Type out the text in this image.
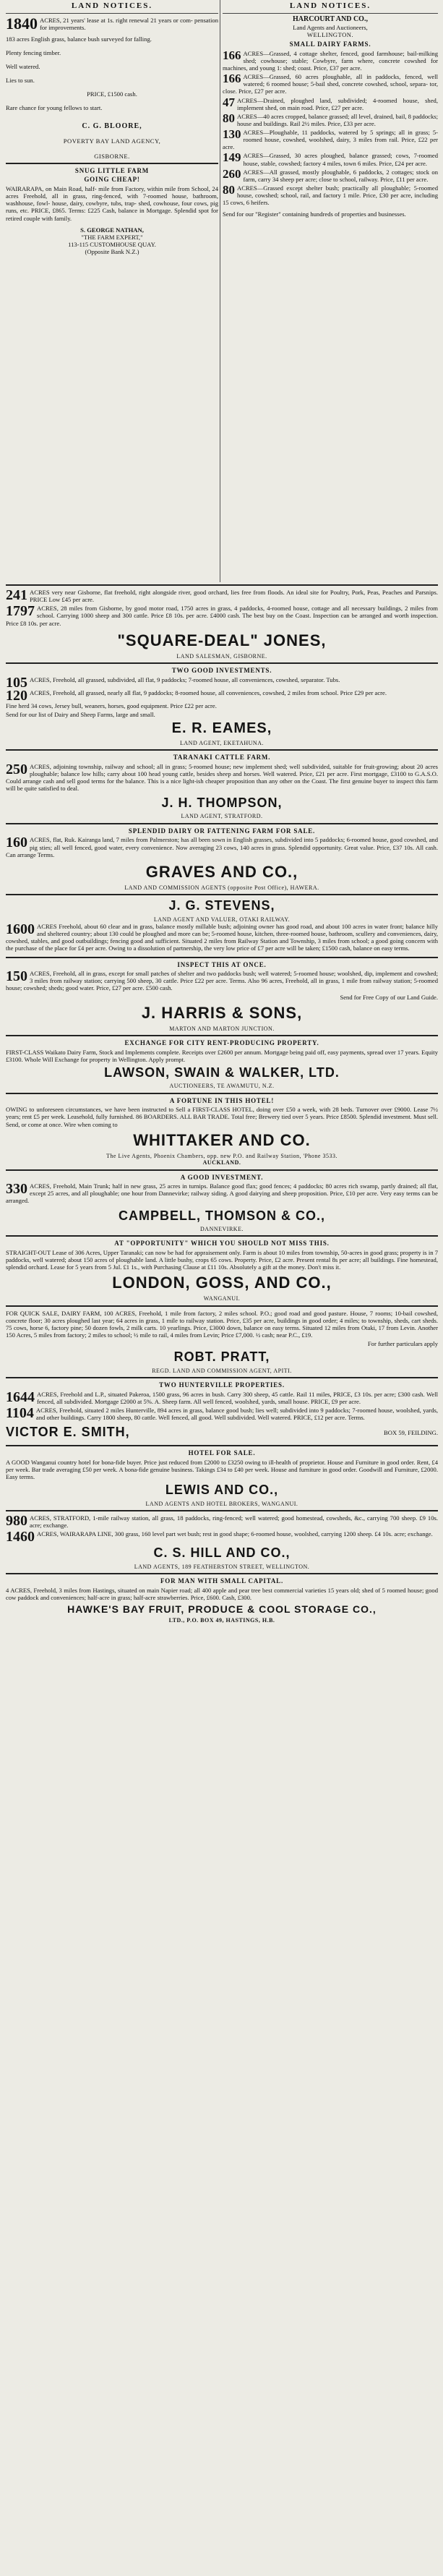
LAND NOTICES.

1840 ACRES, 21 years' lease at 1s. right renewal 21 years or com- pensation for improvements.

183 acres English grass, balance bush surveyed for falling.
Plenty fencing timber.
Well watered.
Lies to sun.
PRICE, £1500 cash.
Rare chance for young fellows to start.
C. G. BLOORE,
POVERTY BAY LAND AGENCY,
GISBORNE.
SNUG LITTLE FARM
GOING CHEAP!

WAIRARAPA, on Main Road, half- mile from Factory, within mile from School, 24 acres Freehold, all in grass, ring-fenced, with 7-roomed house, bathroom, washhouse, fowl- house, dairy, cowbyre, tubs, trap- shed, cowhouse, four cows, pig runs, etc. PRICE, £865. Terms: £225 Cash, balance in Mortgage. Splendid spot for retired couple with family.

S. GEORGE NATHAN,
"THE FARM EXPERT,"
113-115 CUSTOMHOUSE QUAY.
(Opposite Bank N.Z.)
LAND NOTICES.
HARCOURT AND CO.,
Land Agents and Auctioneers,
WELLINGTON.
SMALL DAIRY FARMS.

166 ACRES—Grassed, 4 cottage shelter, fenced, good farmhouse; bail-milking shed; cowhouse; stable; Cowbyre, farm where, concrete cowshed for machines, and young 1: shed; coast. Price, £37 per acre.

166 ACRES—Grassed, 60 acres ploughable, all in paddocks, fenced, well watered; 6 roomed house; 5-bail shed, concrete cowshed, school, separa- tor, close. Price, £27 per acre.

47 ACRES—Drained, ploughed land, subdivided; 4-roomed house, shed, implement shed, on main road. Price, £27 per acre.

80 ACRES—40 acres cropped, balance grassed; all level, drained, bail, 8 paddocks; house and buildings. Rail 2½ miles. Price, £33 per acre.

130 ACRES—Ploughable, 11 paddocks, watered by 5 springs; all in grass; 5-roomed house, cowshed, woolshed, dairy, 3 miles from rail. Price, £22 per acre.

149 ACRES—Grassed, 30 acres ploughed, balance grassed; cows, 7-roomed house, stable, cowshed; factory 4 miles, town 6 miles. Price, £24 per acre.

260 ACRES—All grassed, mostly ploughable, 6 paddocks, 2 cottages; stock on farm, carry 34 sheep per acre; close to school, railway. Price, £11 per acre.

80 ACRES—Grassed except shelter bush; practically all ploughable; 5-roomed house, cowshed; school, rail, and factory 1 mile. Price, £30 per acre, including 15 cows, 6 heifers.

Send for our "Register" containing hundreds of properties and businesses.

241 ACRES very near Gisborne, flat freehold, right alongside river, good orchard, lies free from floods. An ideal site for Poultry, Pork, Peas, Peaches and Parsnips. PRICE Low £45 per acre.

1797 ACRES, 28 miles from Gisborne, by good motor road, 1750 acres in grass, 4 paddocks, 4-roomed house, cottage and all necessary buildings, 2 miles from school. Carrying 1000 sheep and 300 cattle. Price £8 10s. per acre. £4000 cash. The best buy on the Coast. Inspection can be arranged and worth inspection. Price £8 10s. per acre.

"SQUARE-DEAL" JONES,
LAND SALESMAN, GISBORNE.
TWO GOOD INVESTMENTS.

105 ACRES, Freehold, all grassed, subdivided, all flat, 9 paddocks; 7-roomed house, all conveniences, cowshed, separator. Tubs.

120 ACRES, Freehold, all grassed, nearly all flat, 9 paddocks; 8-roomed house, all conveniences, cowshed, 2 miles from school. Price £29 per acre.

Fine herd 34 cows, Jersey bull, weaners, horses, good equipment. Price £22 per acre.

Send for our list of Dairy and Sheep Farms, large and small.

E. R. EAMES,
LAND AGENT, EKETAHUNA.
TARANAKI CATTLE FARM.

250 ACRES, adjoining township, railway and school; all in grass; 5-roomed house; new implement shed; well subdivided, suitable for fruit-growing; about 20 acres ploughable; balance low hills; carry about 100 head young cattle, besides sheep and horses. Well watered. Price, £21 per acre. First mortgage, £3100 to G.A.S.O. Could arrange cash and sell good terms for the balance. This is a nice light-ish cheaper proposition than any other on the Coast. The first genuine buyer to inspect this farm will be quite satisfied to deal.

J. H. THOMPSON,
LAND AGENT, STRATFORD.
SPLENDID DAIRY OR FATTENING FARM FOR SALE.

160 ACRES, flat, Ruk. Kairanga land, 7 miles from Palmerston; has all been sown in English grasses, subdivided into 5 paddocks; 6-roomed house, good cowshed, and pig sties; all well fenced, good water, every convenience. Now averaging 23 cows, 140 acres in grass. Splendid opportunity. Great value. Price, £37 10s. All cash. Can arrange Terms.

GRAVES AND CO.,
LAND AND COMMISSION AGENTS (opposite Post Office), HAWERA.
J. G. STEVENS,
LAND AGENT AND VALUER, OTAKI RAILWAY.

1600 ACRES Freehold, about 60 clear and in grass, balance mostly millable bush; adjoining owner has good road, and about 100 acres in water front; balance hilly and sheltered country; about 130 could be ploughed and more can be; 5-roomed house, kitchen, three-roomed house, bathroom, scullery and conveniences, dairy, cowshed, stables, and good outbuildings; fencing good and sufficient. Situated 2 miles from Railway Station and Township, 3 miles from school; a good going concern with the purchase of the place for £4 per acre. Owing to a dissolution of partnership, the very low price of £7 per acre will be taken; £1500 cash, balance on easy terms.

INSPECT THIS AT ONCE.

150 ACRES, Freehold, all in grass, except for small patches of shelter and two paddocks bush; well watered; 5-roomed house; woolshed, dip, implement and cowshed; 3 miles from railway station; carrying 500 sheep, 30 cattle. Price £22 per acre. Terms. Also 96 acres, Freehold, all in grass, 1 mile from railway station; 5-roomed house; cowshed; sheds; good water. Price, £27 per acre. £500 cash.

Send for Free Copy of our Land Guide.
J. HARRIS & SONS,
MARTON AND MARTON JUNCTION.
EXCHANGE FOR CITY RENT-PRODUCING PROPERTY.

FIRST-CLASS Waikato Dairy Farm, Stock and Implements complete. Receipts over £2600 per annum. Mortgage being paid off, easy payments, spread over 17 years. Equity £3100. Whole Will Exchange for property in Wellington. Apply prompt.

LAWSON, SWAIN & WALKER, LTD.
AUCTIONEERS, TE AWAMUTU, N.Z.
A FORTUNE IN THIS HOTEL!

OWING to unforeseen circumstances, we have been instructed to Sell a FIRST-CLASS HOTEL, doing over £50 a week, with 28 beds. Turnover over £9000. Lease 7½ years; rent £5 per week. Leasehold, fully furnished. 86 BOARDERS. ALL BAR TRADE. Total free; Brewery tied over 5 years. Price £8500. Splendid investment. Must sell. Send, or come at once. Wire when coming to

WHITTAKER AND CO.
The Live Agents, Phoenix Chambers, opp. new P.O. and Railway Station, 'Phone 3533.
AUCKLAND.
A GOOD INVESTMENT.

330 ACRES, Freehold, Main Trunk; half in new grass, 25 acres in turnips. Balance good flax; good fences; 4 paddocks; 80 acres rich swamp, partly drained; all flat, except 25 acres, and all ploughable; one hour from Dannevirke; railway siding. A good dairying and sheep proposition. Price, £10 per acre. Very easy terms can be arranged.

CAMPBELL, THOMSON & CO.,
DANNEVIRKE.
AT "OPPORTUNITY" WHICH YOU SHOULD NOT MISS THIS.

STRAIGHT-OUT Lease of 306 Acres, Upper Taranaki; can now be had for appraisement only. Farm is about 10 miles from township, 50-acres in good grass; property is in 7 paddocks, well watered; about 150 acres of ploughable land. A little bushy, crops 65 cows. Property. Price, £2 acre. Present rental 8s per acre; all buildings. Fine homestead, splendid orchard. Lease for 5 years from 5 Jul. £1 1s., with Purchasing Clause at £11 10s. Absolutely a gift at the money. Don't miss it.

LONDON, GOSS, AND CO.,
WANGANUI.

FOR QUICK SALE, DAIRY FARM, 100 ACRES, Freehold, 1 mile from factory, 2 miles school. P.O.; good road and good pasture. House, 7 rooms; 10-bail cowshed, concrete floor; 30 acres ploughed last year; 64 acres in grass, 1 mile to railway station. Price, £35 per acre, buildings in good order; 4 miles; to township, sheds, cart sheds. 75 cows, horse 6, factory pine; 50 dozen fowls, 2 milk carts. 10 yearlings. Price, £3000 down, balance on easy terms. Situated 12 miles from Otaki, 17 from Levin. Another 150 Acres, 5 miles from factory; 2 miles to school; ½ mile to rail, 4 miles from Levin; Price £7,000. ½ cash; near P.C., £19.

For further particulars apply
ROBT. PRATT,
REGD. LAND AND COMMISSION AGENT, APITI.
TWO HUNTERVILLE PROPERTIES.

1644 ACRES, Freehold and L.P., situated Pakeroa, 1500 grass, 96 acres in bush. Carry 300 sheep, 45 cattle. Rail 11 miles, PRICE, £3 10s. per acre; £300 cash. Well fenced, all subdivided. Mortgage £2000 at 5%. A. Sheep farm. All well fenced, woolshed, yards, small house. PRICE, £9 per acre.

1104 ACRES, Freehold, situated 2 miles Hunterville, 894 acres in grass, balance good bush; lies well; subdivided into 9 paddocks; 7-roomed house, woolshed, yards, and other buildings. Carry 1800 sheep, 80 cattle. Well fenced, all good. Well subdivided. Well watered. PRICE, £12 per acre. Terms.

VICTOR E. SMITH,	BOX 59, FEILDING.
HOTEL FOR SALE.

A GOOD Wanganui country hotel for bona-fide buyer. Price just reduced from £2000 to £3250 owing to ill-health of proprietor. House and Furniture in good order. Rent, £4 per week. Bar trade averaging £50 per week. A bona-fide genuine business. Takings £34 to £40 per week. House and furniture in good order. Goodwill and Furniture, £2000. Easy terms.

LEWIS AND CO.,
LAND AGENTS AND HOTEL BROKERS, WANGANUI.

980 ACRES, STRATFORD, 1-mile railway station, all grass, 18 paddocks, ring-fenced; well watered; good homestead, cowsheds, &c., carrying 700 sheep. £9 10s. acre; exchange.

1460 ACRES, WAIRARAPA LINE, 300 grass, 160 level part wet bush; rest in good shape; 6-roomed house, woolshed, carrying 1200 sheep. £4 10s. acre; exchange.

C. S. HILL AND CO.,
LAND AGENTS, 189 FEATHERSTON STREET, WELLINGTON.
FOR MAN WITH SMALL CAPITAL.

4 ACRES, Freehold, 3 miles from Hastings, situated on main Napier road; all 400 apple and pear tree best commercial varieties 15 years old; shed of 5 roomed house; good cow paddock and conveniences; half-acre in grass; half-acre strawberries. Price, £600. Cash, £300.

HAWKE'S BAY FRUIT, PRODUCE & COOL STORAGE CO.,
LTD., P.O. BOX 49, HASTINGS, H.B.
